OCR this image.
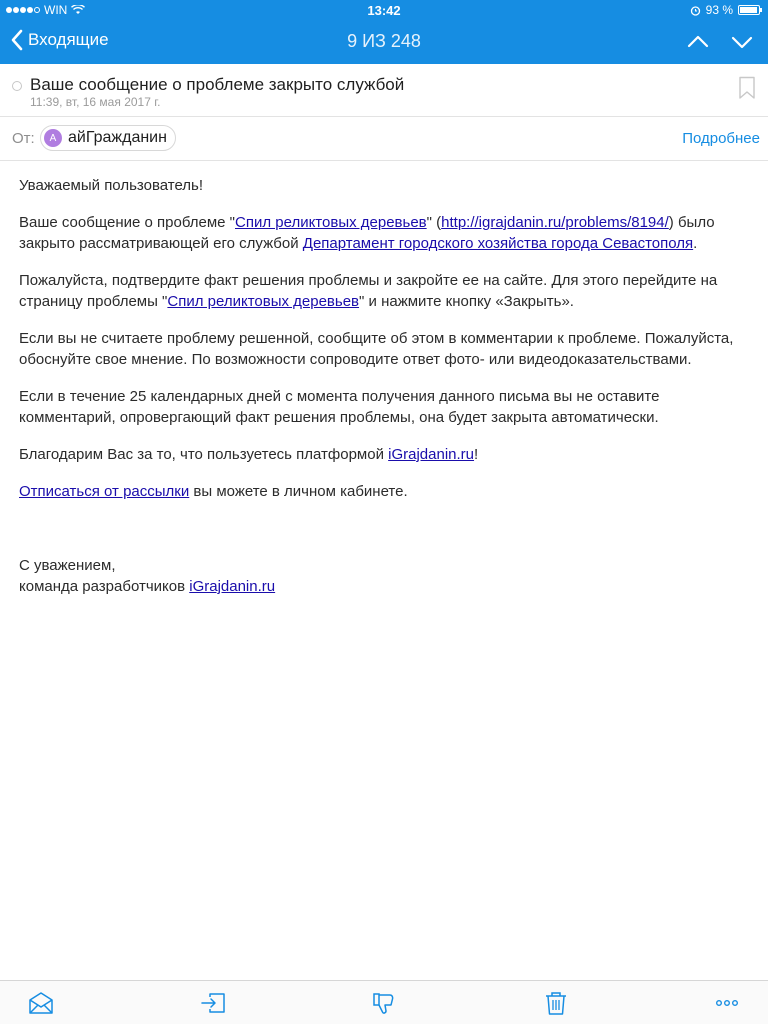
WIN	13:42	93 %
Входящие	9 ИЗ 248
Ваше сообщение о проблеме закрыто службой
11:39, вт, 16 мая 2017 г.
От:	А айГражданин	Подробнее

Уважаемый пользователь!

Ваше сообщение о проблеме "Спил реликтовых деревьев" (http://igrajdanin.ru/problems/8194/) было закрыто рассматривающей его службой Департамент городского хозяйства города Севастополя.

Пожалуйста, подтвердите факт решения проблемы и закройте ее на сайте. Для этого перейдите на страницу проблемы "Спил реликтовых деревьев" и нажмите кнопку «Закрыть».

Если вы не считаете проблему решенной, сообщите об этом в комментарии к проблеме. Пожалуйста, обоснуйте свое мнение. По возможности сопроводите ответ фото- или видеодоказательствами.

Если в течение 25 календарных дней с момента получения данного письма вы не оставите комментарий, опровергающий факт решения проблемы, она будет закрыта автоматически.

Благодарим Вас за то, что пользуетесь платформой iGrajdanin.ru!

Отписаться от рассылки вы можете в личном кабинете.

С уважением,
команда разработчиков iGrajdanin.ru
